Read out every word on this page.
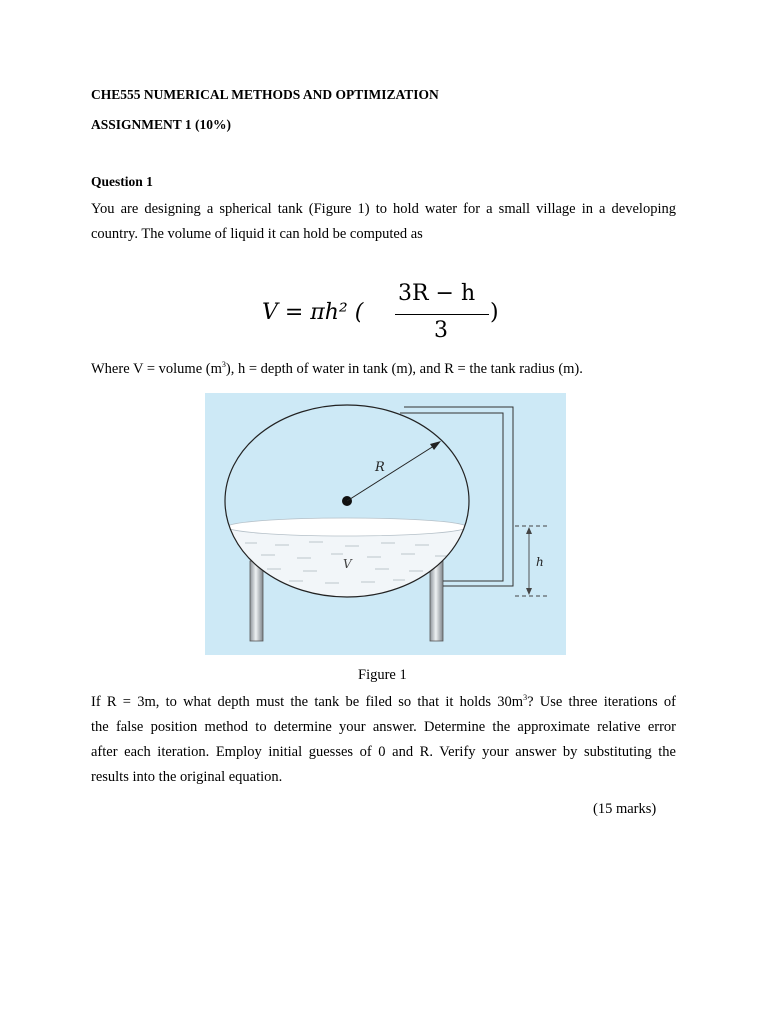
CHE555 NUMERICAL METHODS AND OPTIMIZATION
ASSIGNMENT 1 (10%)
Question 1
You are designing a spherical tank (Figure 1) to hold water for a small village in a developing
country. The volume of liquid it can hold be computed as
V = πh² (
3R − h
3
)
Where V = volume $(m^3)$, h = depth of water in tank (m), and R = the tank radius (m).
R
V	h
Figure 1
If R = 3m, to what depth must the tank be filed so that it holds $30m^3$? Use three iterations of
the false position method to determine your answer. Determine the approximate relative error
after each iteration. Employ initial guesses of 0 and R. Verify your answer by substituting the
results into the original equation.
(15 marks)
